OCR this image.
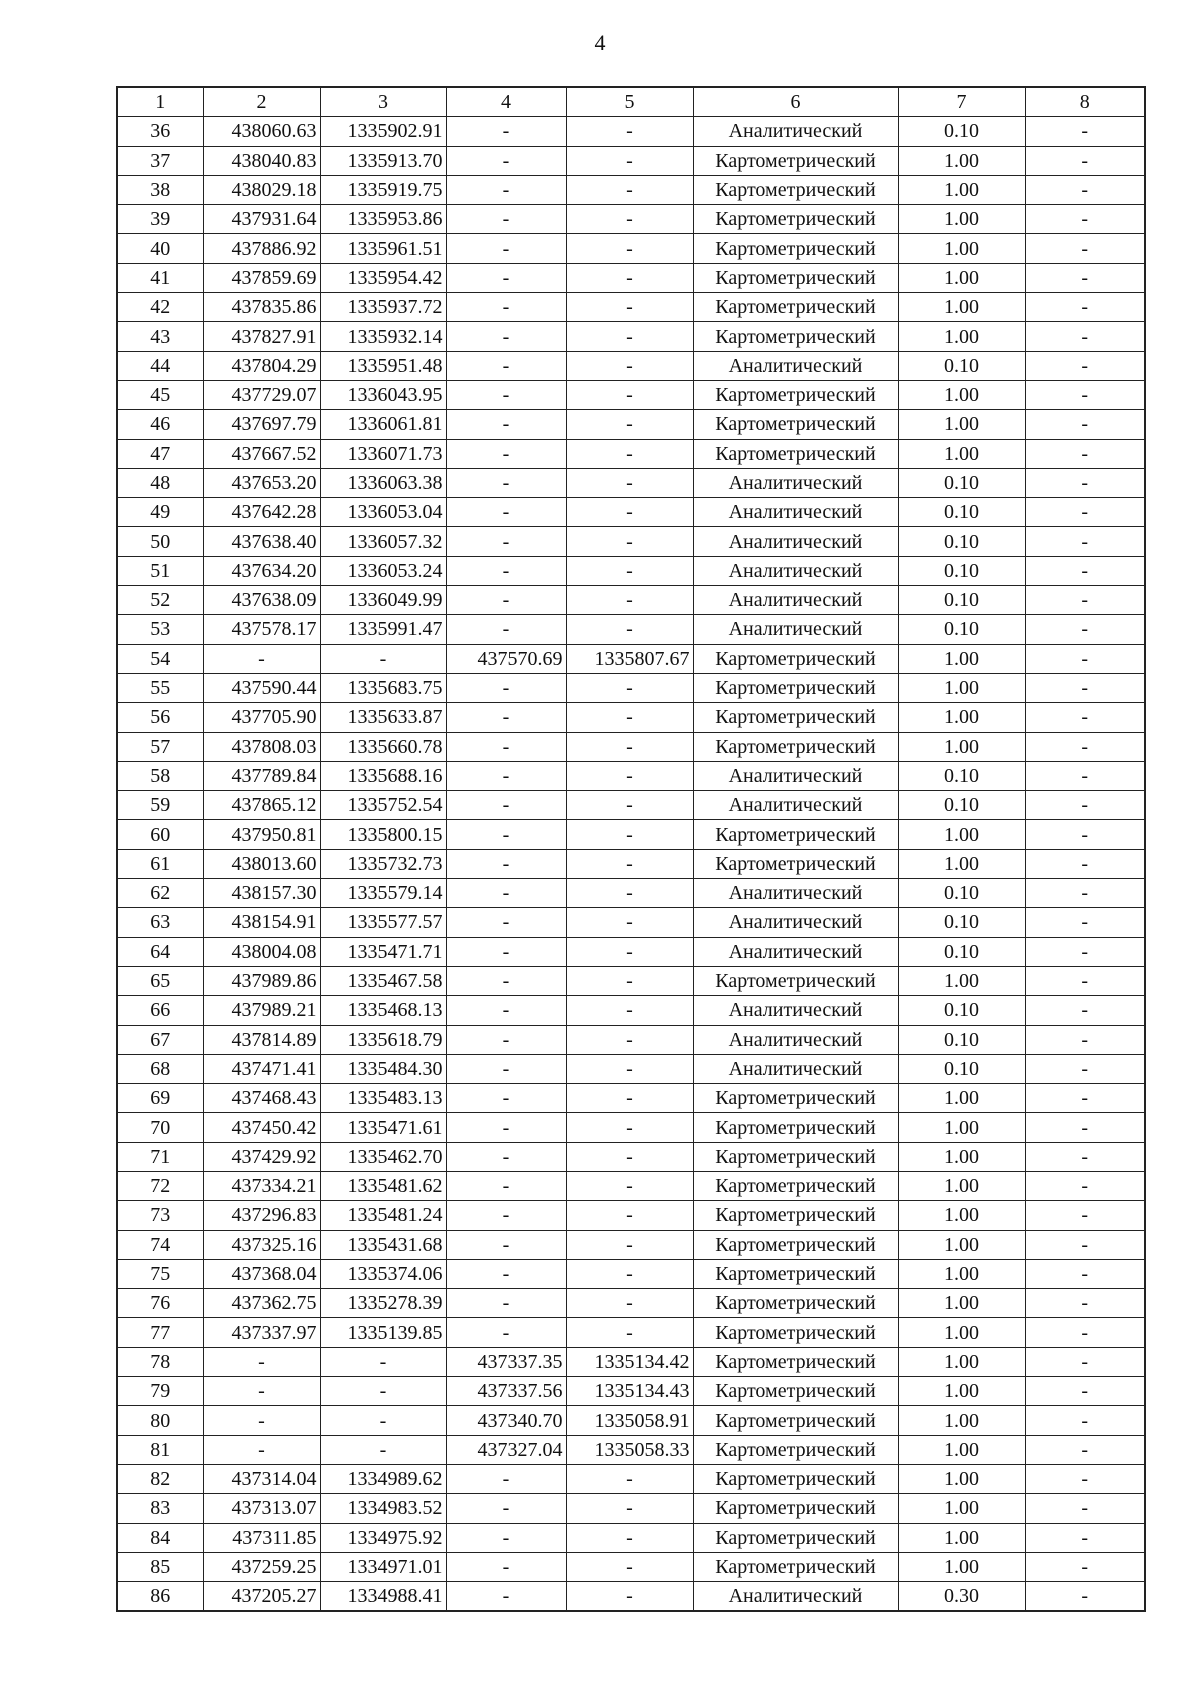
4
1	2	3	4	5	6	7	8
36	438060.63	1335902.91	-	-	Аналитический	0.10	-
37	438040.83	1335913.70	-	-	Картометрический	1.00	-
38	438029.18	1335919.75	-	-	Картометрический	1.00	-
39	437931.64	1335953.86	-	-	Картометрический	1.00	-
40	437886.92	1335961.51	-	-	Картометрический	1.00	-
41	437859.69	1335954.42	-	-	Картометрический	1.00	-
42	437835.86	1335937.72	-	-	Картометрический	1.00	-
43	437827.91	1335932.14	-	-	Картометрический	1.00	-
44	437804.29	1335951.48	-	-	Аналитический	0.10	-
45	437729.07	1336043.95	-	-	Картометрический	1.00	-
46	437697.79	1336061.81	-	-	Картометрический	1.00	-
47	437667.52	1336071.73	-	-	Картометрический	1.00	-
48	437653.20	1336063.38	-	-	Аналитический	0.10	-
49	437642.28	1336053.04	-	-	Аналитический	0.10	-
50	437638.40	1336057.32	-	-	Аналитический	0.10	-
51	437634.20	1336053.24	-	-	Аналитический	0.10	-
52	437638.09	1336049.99	-	-	Аналитический	0.10	-
53	437578.17	1335991.47	-	-	Аналитический	0.10	-
54	-	-	437570.69	1335807.67	Картометрический	1.00	-
55	437590.44	1335683.75	-	-	Картометрический	1.00	-
56	437705.90	1335633.87	-	-	Картометрический	1.00	-
57	437808.03	1335660.78	-	-	Картометрический	1.00	-
58	437789.84	1335688.16	-	-	Аналитический	0.10	-
59	437865.12	1335752.54	-	-	Аналитический	0.10	-
60	437950.81	1335800.15	-	-	Картометрический	1.00	-
61	438013.60	1335732.73	-	-	Картометрический	1.00	-
62	438157.30	1335579.14	-	-	Аналитический	0.10	-
63	438154.91	1335577.57	-	-	Аналитический	0.10	-
64	438004.08	1335471.71	-	-	Аналитический	0.10	-
65	437989.86	1335467.58	-	-	Картометрический	1.00	-
66	437989.21	1335468.13	-	-	Аналитический	0.10	-
67	437814.89	1335618.79	-	-	Аналитический	0.10	-
68	437471.41	1335484.30	-	-	Аналитический	0.10	-
69	437468.43	1335483.13	-	-	Картометрический	1.00	-
70	437450.42	1335471.61	-	-	Картометрический	1.00	-
71	437429.92	1335462.70	-	-	Картометрический	1.00	-
72	437334.21	1335481.62	-	-	Картометрический	1.00	-
73	437296.83	1335481.24	-	-	Картометрический	1.00	-
74	437325.16	1335431.68	-	-	Картометрический	1.00	-
75	437368.04	1335374.06	-	-	Картометрический	1.00	-
76	437362.75	1335278.39	-	-	Картометрический	1.00	-
77	437337.97	1335139.85	-	-	Картометрический	1.00	-
78	-	-	437337.35	1335134.42	Картометрический	1.00	-
79	-	-	437337.56	1335134.43	Картометрический	1.00	-
80	-	-	437340.70	1335058.91	Картометрический	1.00	-
81	-	-	437327.04	1335058.33	Картометрический	1.00	-
82	437314.04	1334989.62	-	-	Картометрический	1.00	-
83	437313.07	1334983.52	-	-	Картометрический	1.00	-
84	437311.85	1334975.92	-	-	Картометрический	1.00	-
85	437259.25	1334971.01	-	-	Картометрический	1.00	-
86	437205.27	1334988.41	-	-	Аналитический	0.30	-
